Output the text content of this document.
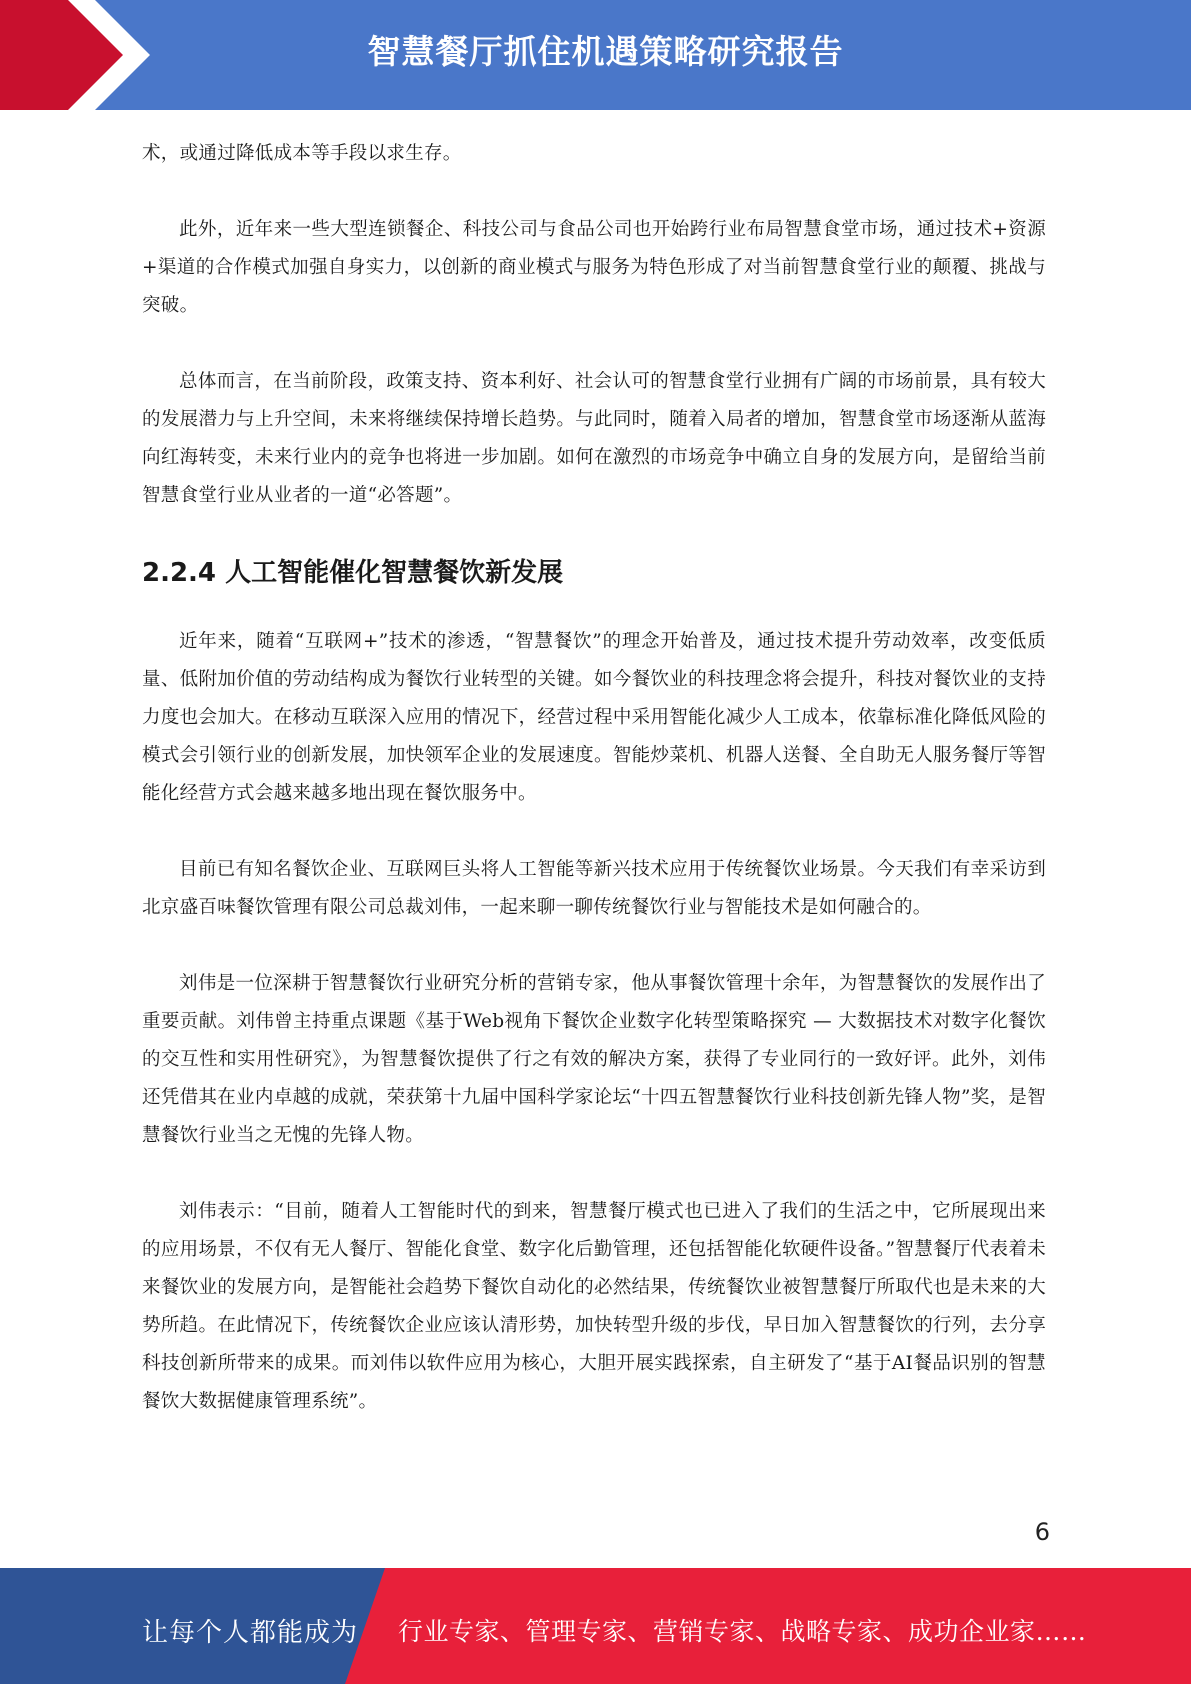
智慧餐厅抓住机遇策略研究报告

术，或通过降低成本等手段以求生存。

此外，近年来一些大型连锁餐企、科技公司与食品公司也开始跨行业布局智慧食堂市场，通过技术+资源+渠道的合作模式加强自身实力，以创新的商业模式与服务为特色形成了对当前智慧食堂行业的颠覆、挑战与突破。

总体而言，在当前阶段，政策支持、资本利好、社会认可的智慧食堂行业拥有广阔的市场前景，具有较大的发展潜力与上升空间，未来将继续保持增长趋势。与此同时，随着入局者的增加，智慧食堂市场逐渐从蓝海向红海转变，未来行业内的竞争也将进一步加剧。如何在激烈的市场竞争中确立自身的发展方向，是留给当前智慧食堂行业从业者的一道“必答题”。

2.2.4 人工智能催化智慧餐饮新发展

近年来，随着“互联网+”技术的渗透，“智慧餐饮”的理念开始普及，通过技术提升劳动效率，改变低质量、低附加价值的劳动结构成为餐饮行业转型的关键。如今餐饮业的科技理念将会提升，科技对餐饮业的支持力度也会加大。在移动互联深入应用的情况下，经营过程中采用智能化减少人工成本，依靠标准化降低风险的模式会引领行业的创新发展，加快领军企业的发展速度。智能炒菜机、机器人送餐、全自助无人服务餐厅等智能化经营方式会越来越多地出现在餐饮服务中。

目前已有知名餐饮企业、互联网巨头将人工智能等新兴技术应用于传统餐饮业场景。今天我们有幸采访到北京盛百味餐饮管理有限公司总裁刘伟，一起来聊一聊传统餐饮行业与智能技术是如何融合的。

刘伟是一位深耕于智慧餐饮行业研究分析的营销专家，他从事餐饮管理十余年，为智慧餐饮的发展作出了重要贡献。刘伟曾主持重点课题《基于Web视角下餐饮企业数字化转型策略探究 — 大数据技术对数字化餐饮的交互性和实用性研究》，为智慧餐饮提供了行之有效的解决方案，获得了专业同行的一致好评。此外，刘伟还凭借其在业内卓越的成就，荣获第十九届中国科学家论坛“十四五智慧餐饮行业科技创新先锋人物”奖，是智慧餐饮行业当之无愧的先锋人物。

刘伟表示：“目前，随着人工智能时代的到来，智慧餐厅模式也已进入了我们的生活之中，它所展现出来的应用场景，不仅有无人餐厅、智能化食堂、数字化后勤管理，还包括智能化软硬件设备。”智慧餐厅代表着未来餐饮业的发展方向，是智能社会趋势下餐饮自动化的必然结果，传统餐饮业被智慧餐厅所取代也是未来的大势所趋。在此情况下，传统餐饮企业应该认清形势，加快转型升级的步伐，早日加入智慧餐饮的行列，去分享科技创新所带来的成果。而刘伟以软件应用为核心，大胆开展实践探索，自主研发了“基于AI餐品识别的智慧餐饮大数据健康管理系统”。

6
让每个人都能成为 行业专家、管理专家、营销专家、战略专家、成功企业家……
